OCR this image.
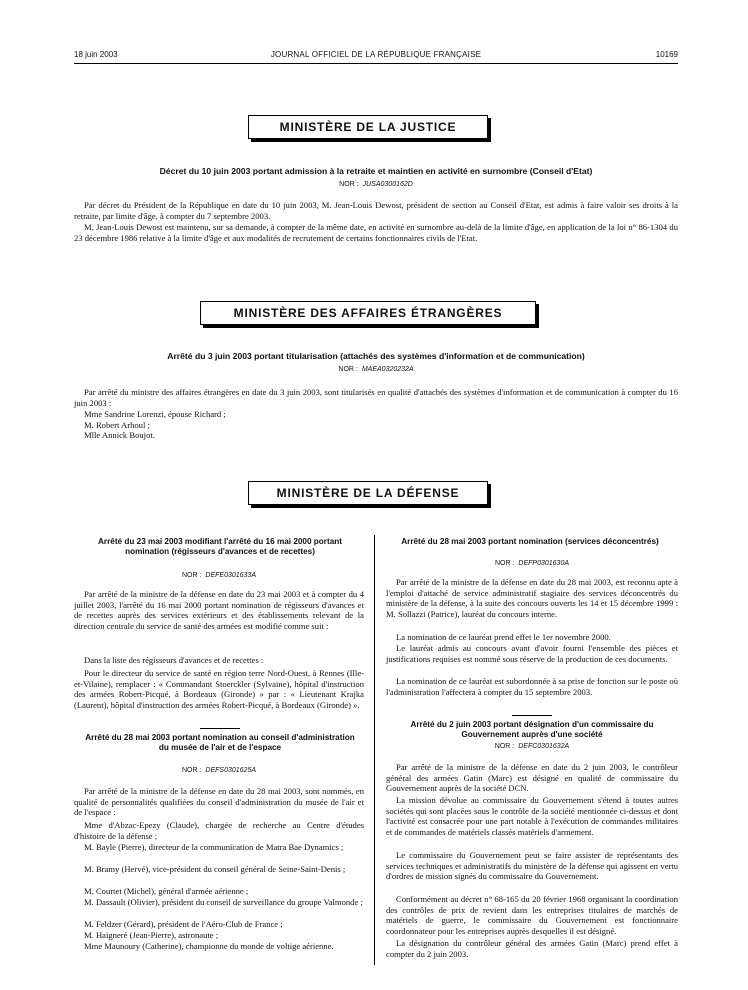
18 juin 2003	JOURNAL OFFICIEL DE LA RÉPUBLIQUE FRANÇAISE	10169
MINISTÈRE DE LA JUSTICE
Décret du 10 juin 2003 portant admission à la retraite et maintien en activité en surnombre (Conseil d'Etat)
NOR : JUSA0300162D

Par décret du Président de la République en date du 10 juin 2003, M. Jean-Louis Dewost, président de section au Conseil d'Etat, est admis à faire valoir ses droits à la retraite, par limite d'âge, à compter du 7 septembre 2003.

M. Jean-Louis Dewost est maintenu, sur sa demande, à compter de la même date, en activité en surnombre au-delà de la limite d'âge, en application de la loi n° 86-1304 du 23 décembre 1986 relative à la limite d'âge et aux modalités de recrutement de certains fonctionnaires civils de l'Etat.

MINISTÈRE DES AFFAIRES ÉTRANGÈRES
Arrêté du 3 juin 2003 portant titularisation (attachés des systèmes d'information et de communication)
NOR : MAEA0320232A

Par arrêté du ministre des affaires étrangères en date du 3 juin 2003, sont titularisés en qualité d'attachés des systèmes d'information et de communication à compter du 16 juin 2003 :

Mme Sandrine Lorenzi, épouse Richard ;
M. Robert Arhoul ;
Mlle Annick Boujot.
MINISTÈRE DE LA DÉFENSE
Arrêté du 23 mai 2003 modifiant l'arrêté du 16 mai 2000 portant nomination (régisseurs d'avances et de recettes)
NOR : DEFE0301633A

Par arrêté de la ministre de la défense en date du 23 mai 2003 et à compter du 4 juillet 2003, l'arrêté du 16 mai 2000 portant nomination de régisseurs d'avances et de recettes auprès des services extérieurs et des établissements relevant de la direction centrale du service de santé des armées est modifié comme suit :

Dans la liste des régisseurs d'avances et de recettes :

Pour le directeur du service de santé en région terre Nord-Ouest, à Rennes (Ille-et-Vilaine), remplacer : « Commandant Stoerckler (Sylvaine), hôpital d'instruction des armées Robert-Picqué, à Bordeaux (Gironde) » par : « Lieutenant Krajka (Laurent), hôpital d'instruction des armées Robert-Picqué, à Bordeaux (Gironde) ».

Arrêté du 28 mai 2003 portant nomination au conseil d'administration du musée de l'air et de l'espace
NOR : DEFS0301625A

Par arrêté de la ministre de la défense en date du 28 mai 2003, sont nommés, en qualité de personnalités qualifiées du conseil d'administration du musée de l'air et de l'espace :

Mme d'Abzac-Epezy (Claude), chargée de recherche au Centre d'études d'histoire de la défense ;

M. Bayle (Pierre), directeur de la communication de Matra Bae Dynamics ;

M. Bramy (Hervé), vice-président du conseil général de Seine-Saint-Denis ;

M. Courtet (Michel), général d'armée aérienne ;

M. Dassault (Olivier), président du conseil de surveillance du groupe Valmonde ;

M. Feldzer (Gérard), président de l'Aéro-Club de France ;

M. Haigneré (Jean-Pierre), astronaute ;

Mme Maunoury (Catherine), championne du monde de voltige aérienne.

Arrêté du 28 mai 2003 portant nomination (services déconcentrés)
NOR : DEFP0301630A

Par arrêté de la ministre de la défense en date du 28 mai 2003, est reconnu apte à l'emploi d'attaché de service administratif stagiaire des services déconcentrés du ministère de la défense, à la suite des concours ouverts les 14 et 15 décembre 1999 : M. Sollazzi (Patrice), lauréat du concours interne.

La nomination de ce lauréat prend effet le 1er novembre 2000.

Le lauréat admis au concours avant d'avoir fourni l'ensemble des pièces et justifications requises est nommé sous réserve de la production de ces documents.

La nomination de ce lauréat est subordonnée à sa prise de fonction sur le poste où l'administration l'affectera à compter du 15 septembre 2003.

Arrêté du 2 juin 2003 portant désignation d'un commissaire du Gouvernement auprès d'une société
NOR : DEFC0301632A

Par arrêté de la ministre de la défense en date du 2 juin 2003, le contrôleur général des armées Gatin (Marc) est désigné en qualité de commissaire du Gouvernement auprès de la société DCN.

La mission dévolue au commissaire du Gouvernement s'étend à toutes autres sociétés qui sont placées sous le contrôle de la société mentionnée ci-dessus et dont l'activité est consacrée pour une part notable à l'exécution de commandes militaires et de commandes de matériels classés matériels d'armement.

Le commissaire du Gouvernement peut se faire assister de représentants des services techniques et administratifs du ministère de la défense qui agissent en vertu d'ordres de mission signés du commissaire du Gouvernement.

Conformément au décret n° 68-165 du 20 février 1968 organisant la coordination des contrôles de prix de revient dans les entreprises titulaires de marchés de matériels de guerre, le commissaire du Gouvernement est fonctionnaire coordonnateur pour les entreprises auprès desquelles il est désigné.

La désignation du contrôleur général des armées Gatin (Marc) prend effet à compter du 2 juin 2003.
